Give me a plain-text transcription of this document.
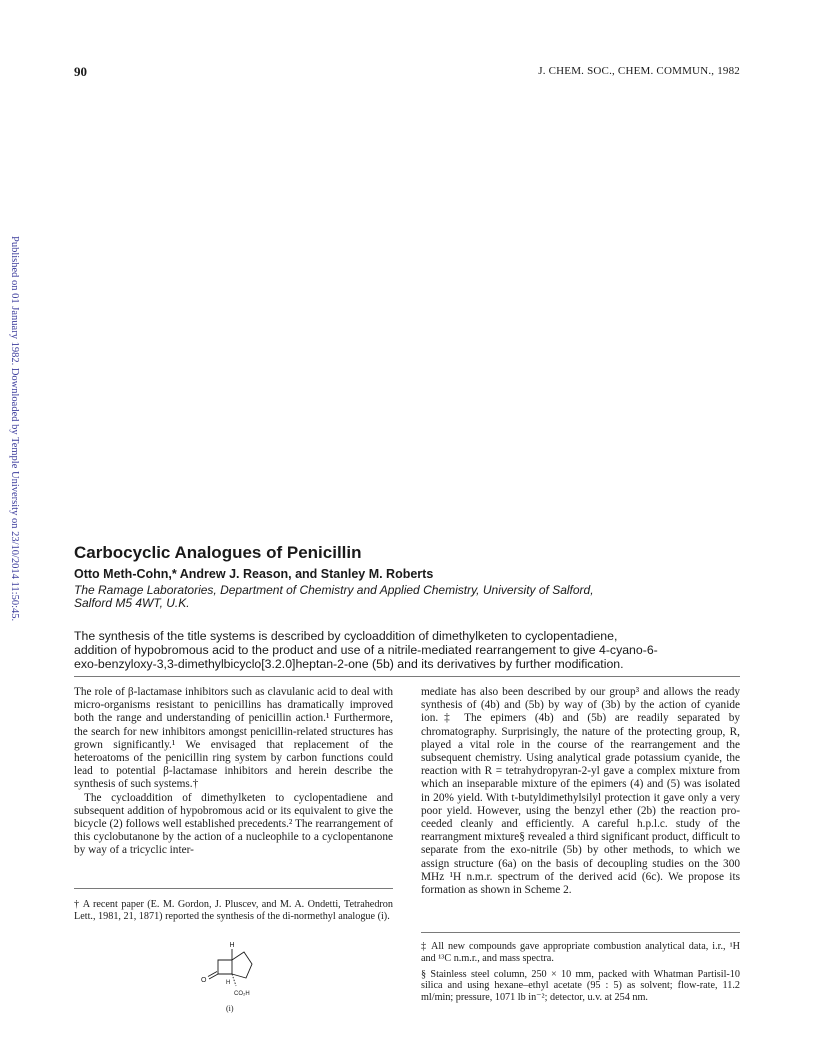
90	J. CHEM. SOC., CHEM. COMMUN., 1982
Published on 01 January 1982. Downloaded by Temple University on 23/10/2014 11:50:45.	Carbocyclic Analogues of Penicillin
Otto Meth-Cohn,* Andrew J. Reason, and Stanley M. Roberts
The Ramage Laboratories, Department of Chemistry and Applied Chemistry, University of Salford,
Salford M5 4WT, U.K.
The synthesis of the title systems is described by cycloaddition of dimethylketen to cyclopentadiene,
addition of hypobromous acid to the product and use of a nitrile-mediated rearrangement to give 4-cyano-6-
exo-benzyloxy-3,3-dimethylbicyclo[3.2.0]heptan-2-one (5b) and its derivatives by further modification.

The role of β-lactamase inhibitors such as clavulanic acid to deal with micro-organisms resistant to penicillins has dramatically improved both the range and understanding of penicillin action.¹ Furthermore, the search for new inhibitors amongst penicillin-related structures has grown significantly.¹ We envisaged that replacement of the heteroatoms of the penicillin ring system by carbon functions could lead to potential β-lactamase inhibitors and herein describe the synthesis of such systems.†

The cycloaddition of dimethylketen to cyclopentadiene and subsequent addition of hypobromous acid or its equivalent to give the bicycle (2) follows well established precedents.² The rearrangement of this cyclobutanone by the action of a nucleophile to a cyclopentanone by way of a tricyclic inter-

mediate has also been described by our group³ and allows the ready synthesis of (4b) and (5b) by way of (3b) by the action of cyanide ion.‡ The epimers (4b) and (5b) are readily separated by chromatography. Surprisingly, the nature of the protecting group, R, played a vital role in the course of the rearrangement and the subsequent chemistry. Using analytical grade potassium cyanide, the reaction with R = tetrahydropyran-2-yl gave a complex mixture from which an inseparable mixture of the epimers (4) and (5) was isolated in 20% yield. With t-butyldimethylsilyl protection it gave only a very poor yield. However, using the benzyl ether (2b) the reaction proceeded cleanly and efficiently. A careful h.p.l.c. study of the rearrangment mixture§ revealed a third significant product, difficult to separate from the exo-nitrile (5b) by other methods, to which we assign structure (6a) on the basis of decoupling studies on the 300 MHz ¹H n.m.r. spectrum of the derived acid (6c). We propose its formation as shown in Scheme 2.

† A recent paper (E. M. Gordon, J. Pluscev, and M. A. Ondetti, Tetrahedron Lett., 1981, 21, 1871) reported the synthesis of the di-normethyl analogue (i).

‡ All new compounds gave appropriate combustion analytical data, i.r., ¹H and ¹³C n.m.r., and mass spectra.

§ Stainless steel column, 250 × 10 mm, packed with Whatman Partisil-10 silica and using hexane–ethyl acetate (95 : 5) as solvent; flow-rate, 11.2 ml/min; pressure, 1071 lb in⁻²; detector, u.v. at 254 nm.

H
O	H
CO₂H
(i)
